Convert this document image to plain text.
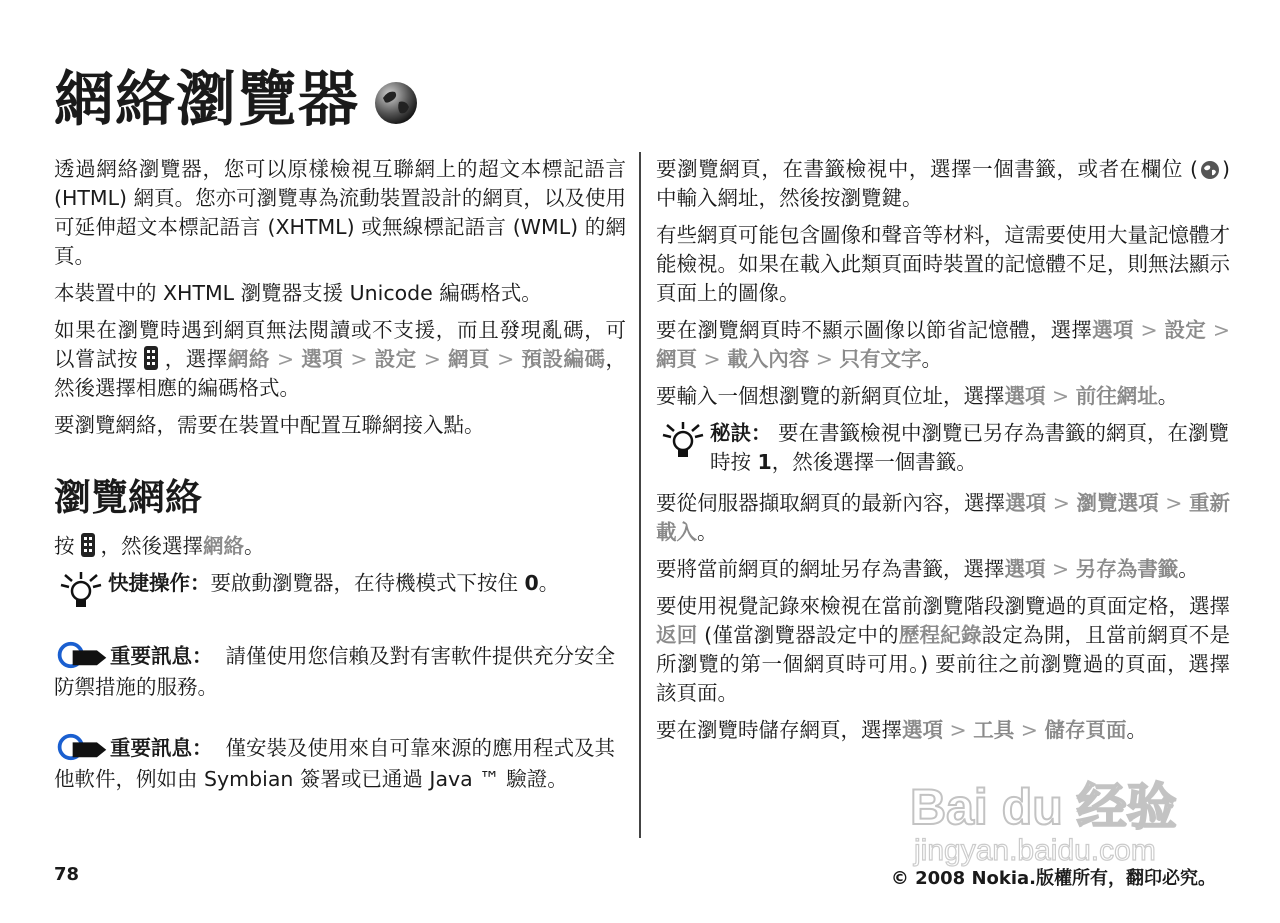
網絡瀏覽器

透過網絡瀏覽器，您可以原樣檢視互聯網上的超文本標記語言 (HTML) 網頁。您亦可瀏覽專為流動裝置設計的網頁，以及使用可延伸超文本標記語言 (XHTML) 或無線標記語言 (WML) 的網頁。

本裝置中的 XHTML 瀏覽器支援 Unicode 編碼格式。

如果在瀏覽時遇到網頁無法閱讀或不支援，而且發現亂碼，可以嘗試按 ，選擇網絡 > 選項 > 設定 > 網頁 > 預設編碼，然後選擇相應的編碼格式。

要瀏覽網絡，需要在裝置中配置互聯網接入點。

瀏覽網絡

按 ，然後選擇網絡。

快捷操作：要啟動瀏覽器，在待機模式下按住 0。

重要訊息： 請僅使用您信賴及對有害軟件提供充分安全防禦措施的服務。

重要訊息： 僅安裝及使用來自可靠來源的應用程式及其他軟件，例如由 Symbian 簽署或已通過 Java ™ 驗證。

要瀏覽網頁，在書籤檢視中，選擇一個書籤，或者在欄位 ( ) 中輸入網址，然後按瀏覽鍵。

有些網頁可能包含圖像和聲音等材料，這需要使用大量記憶體才能檢視。如果在載入此類頁面時裝置的記憶體不足，則無法顯示頁面上的圖像。

要在瀏覽網頁時不顯示圖像以節省記憶體，選擇選項 > 設定 > 網頁 > 載入內容 > 只有文字。

要輸入一個想瀏覽的新網頁位址，選擇選項 > 前往網址。

秘訣： 要在書籤檢視中瀏覽已另存為書籤的網頁，在瀏覽時按 1，然後選擇一個書籤。

要從伺服器擷取網頁的最新內容，選擇選項 > 瀏覽選項 > 重新載入。

要將當前網頁的網址另存為書籤，選擇選項 > 另存為書籤。

要使用視覺記錄來檢視在當前瀏覽階段瀏覽過的頁面定格，選擇返回 (僅當瀏覽器設定中的歷程紀錄設定為開，且當前網頁不是所瀏覽的第一個網頁時可用。) 要前往之前瀏覽過的頁面，選擇該頁面。

要在瀏覽時儲存網頁，選擇選項 > 工具 > 儲存頁面。

Bai du 经验
jingyan.baidu.com
78	© 2008 Nokia.版權所有，翻印必究。
